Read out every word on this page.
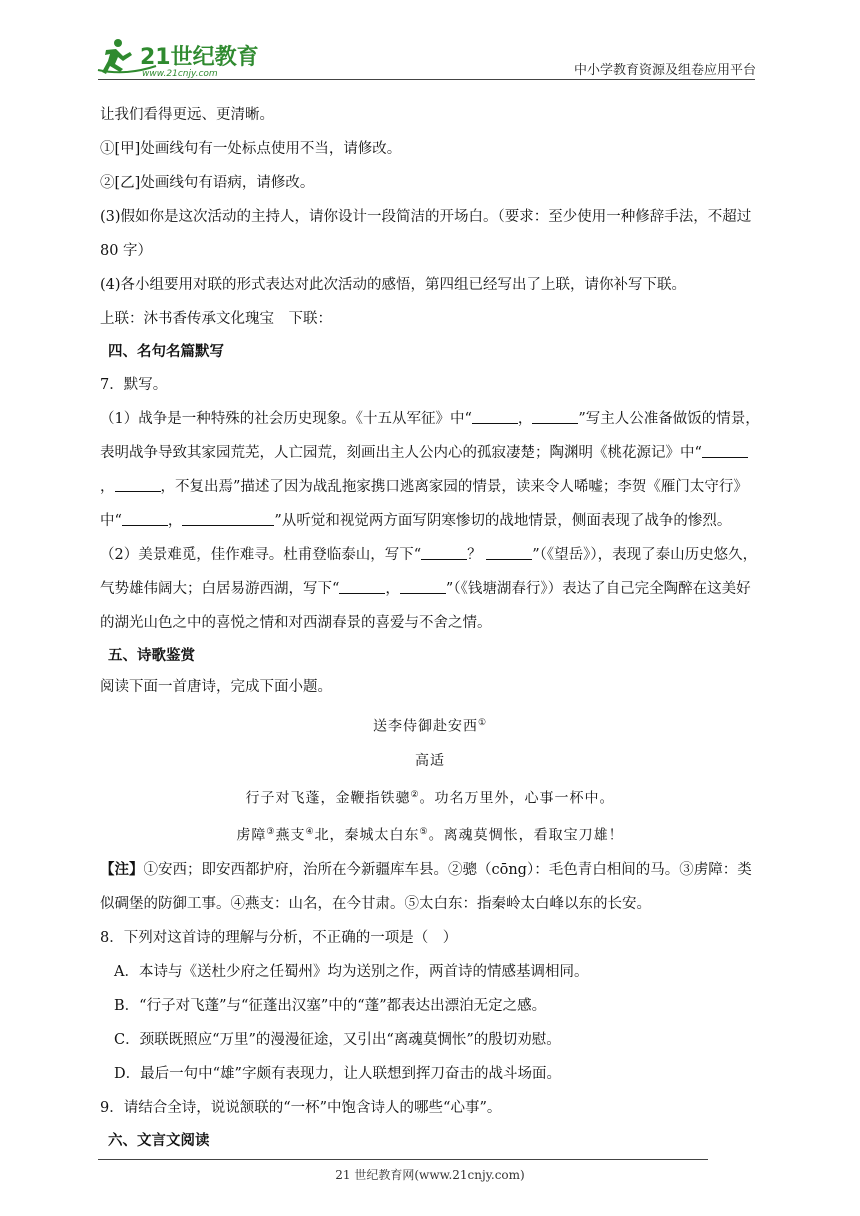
21世纪教育
www.21cnjy.com	中小学教育资源及组卷应用平台

让我们看得更远、更清晰。

①[甲]处画线句有一处标点使用不当，请修改。

②[乙]处画线句有语病，请修改。

(3)假如你是这次活动的主持人，请你设计一段简洁的开场白。（要求：至少使用一种修辞手法，不超过 80 字）

(4)各小组要用对联的形式表达对此次活动的感悟，第四组已经写出了上联，请你补写下联。

上联：沐书香传承文化瑰宝　下联：

四、名句名篇默写

7．默写。

（1）战争是一种特殊的社会历史现象。《十五从军征》中“	，	”写主人公准备做饭的情景，表明战争导致其家园荒芜，人亡园荒，刻画出主人公内心的孤寂凄楚；陶渊明《桃花源记》中“，	，不复出焉”描述了因为战乱拖家携口逃离家园的情景，读来令人唏嘘；李贺《雁门太守行》中“	，	”从听觉和视觉两方面写阴寒惨切的战地情景，侧面表现了战争的惨烈。

（2）美景难觅，佳作难寻。杜甫登临泰山，写下“	？	”（《望岳》），表现了泰山历史悠久，气势雄伟阔大；白居易游西湖，写下“	，	”（《钱塘湖春行》）表达了自己完全陶醉在这美好的湖光山色之中的喜悦之情和对西湖春景的喜爱与不舍之情。

五、诗歌鉴赏

阅读下面一首唐诗，完成下面小题。

送李侍御赴安西①

高适

行子对飞蓬，金鞭指铁骢②。功名万里外，心事一杯中。

虏障③燕支④北，秦城太白东⑤。离魂莫惆怅，看取宝刀雄！

【注】①安西；即安西都护府，治所在今新疆库车县。②骢（cōng）：毛色青白相间的马。③虏障：类似碉堡的防御工事。④燕支：山名，在今甘肃。⑤太白东：指秦岭太白峰以东的长安。

8．下列对这首诗的理解与分析，不正确的一项是（　）

A．本诗与《送杜少府之任蜀州》均为送别之作，两首诗的情感基调相同。

B．“行子对飞蓬”与“征蓬出汉塞”中的“蓬”都表达出漂泊无定之感。

C．颈联既照应“万里”的漫漫征途，又引出“离魂莫惆怅”的殷切劝慰。

D．最后一句中“雄”字颇有表现力，让人联想到挥刀奋击的战斗场面。

9．请结合全诗，说说颔联的“一杯”中饱含诗人的哪些“心事”。

六、文言文阅读

21 世纪教育网(www.21cnjy.com)
